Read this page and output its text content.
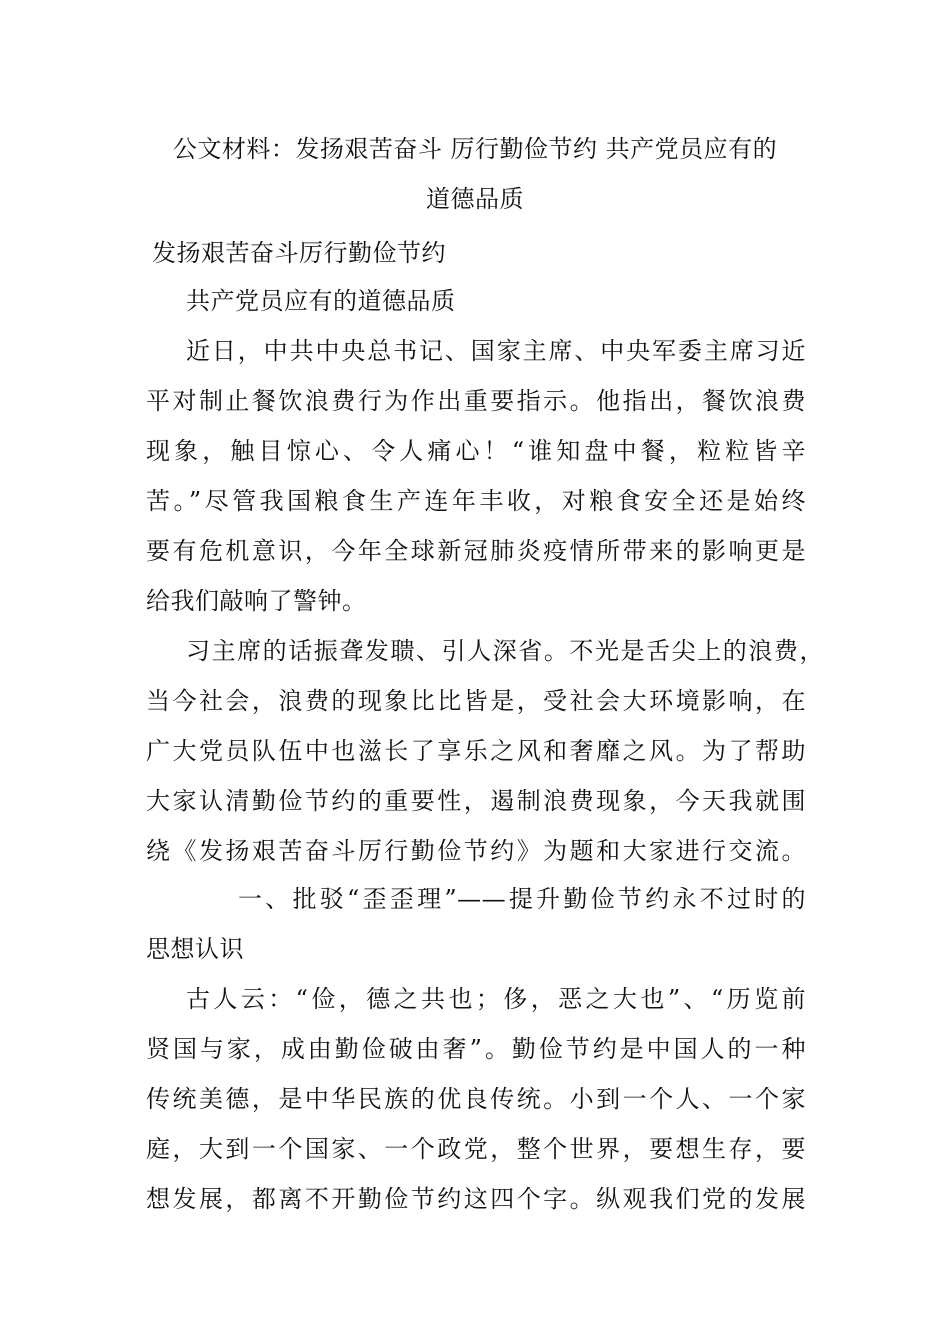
公文材料：发扬艰苦奋斗 厉行勤俭节约 共产党员应有的
道德品质
发扬艰苦奋斗厉行勤俭节约
共产党员应有的道德品质
近日，中共中央总书记、国家主席、中央军委主席习近
平对制止餐饮浪费行为作出重要指示。他指出，餐饮浪费
现象，触目惊心、令人痛心！“谁知盘中餐，粒粒皆辛
苦。”尽管我国粮食生产连年丰收，对粮食安全还是始终
要有危机意识，今年全球新冠肺炎疫情所带来的影响更是
给我们敲响了警钟。
习主席的话振聋发聩、引人深省。不光是舌尖上的浪费，
当今社会，浪费的现象比比皆是，受社会大环境影响，在
广大党员队伍中也滋长了享乐之风和奢靡之风。为了帮助
大家认清勤俭节约的重要性，遏制浪费现象，今天我就围
绕《发扬艰苦奋斗厉行勤俭节约》为题和大家进行交流。
一、批驳“歪歪理”——提升勤俭节约永不过时的
思想认识
古人云：“俭，德之共也；侈，恶之大也”、“历览前
贤国与家，成由勤俭破由奢”。勤俭节约是中国人的一种
传统美德，是中华民族的优良传统。小到一个人、一个家
庭，大到一个国家、一个政党，整个世界，要想生存，要
想发展，都离不开勤俭节约这四个字。纵观我们党的发展
